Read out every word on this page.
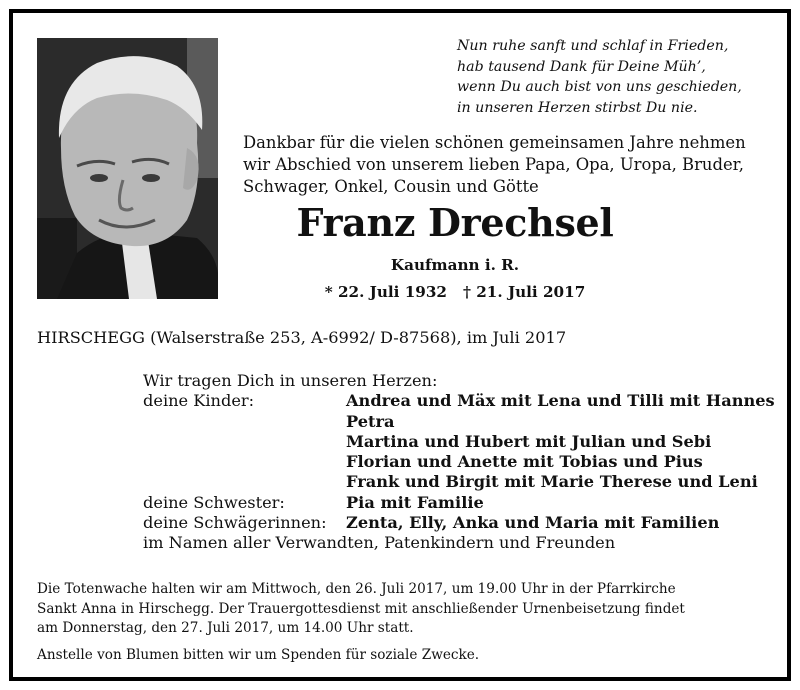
Nun ruhe sanft und schlaf in Frieden,
hab tausend Dank für Deine Müh’,
wenn Du auch bist von uns geschieden,
in unseren Herzen stirbst Du nie.
Dankbar für die vielen schönen gemeinsamen Jahre nehmen
wir Abschied von unserem lieben Papa, Opa, Uropa, Bruder,
Schwager, Onkel, Cousin und Götte
Franz Drechsel
Kaufmann i. R.
* 22. Juli 1932 † 21. Juli 2017
HIRSCHEGG (Walserstraße 253, A-6992/ D-87568), im Juli 2017
Wir tragen Dich in unseren Herzen:
deine Kinder:	Andrea und Mäx mit Lena und Tilli mit Hannes
Petra
Martina und Hubert mit Julian und Sebi
Florian und Anette mit Tobias und Pius
Frank und Birgit mit Marie Therese und Leni
deine Schwester:	Pia mit Familie
deine Schwägerinnen:	Zenta, Elly, Anka und Maria mit Familien
im Namen aller Verwandten, Patenkindern und Freunden
Die Totenwache halten wir am Mittwoch, den 26. Juli 2017, um 19.00 Uhr in der Pfarrkirche
Sankt Anna in Hirschegg. Der Trauergottesdienst mit anschließender Urnenbeisetzung findet
am Donnerstag, den 27. Juli 2017, um 14.00 Uhr statt.
Anstelle von Blumen bitten wir um Spenden für soziale Zwecke.
